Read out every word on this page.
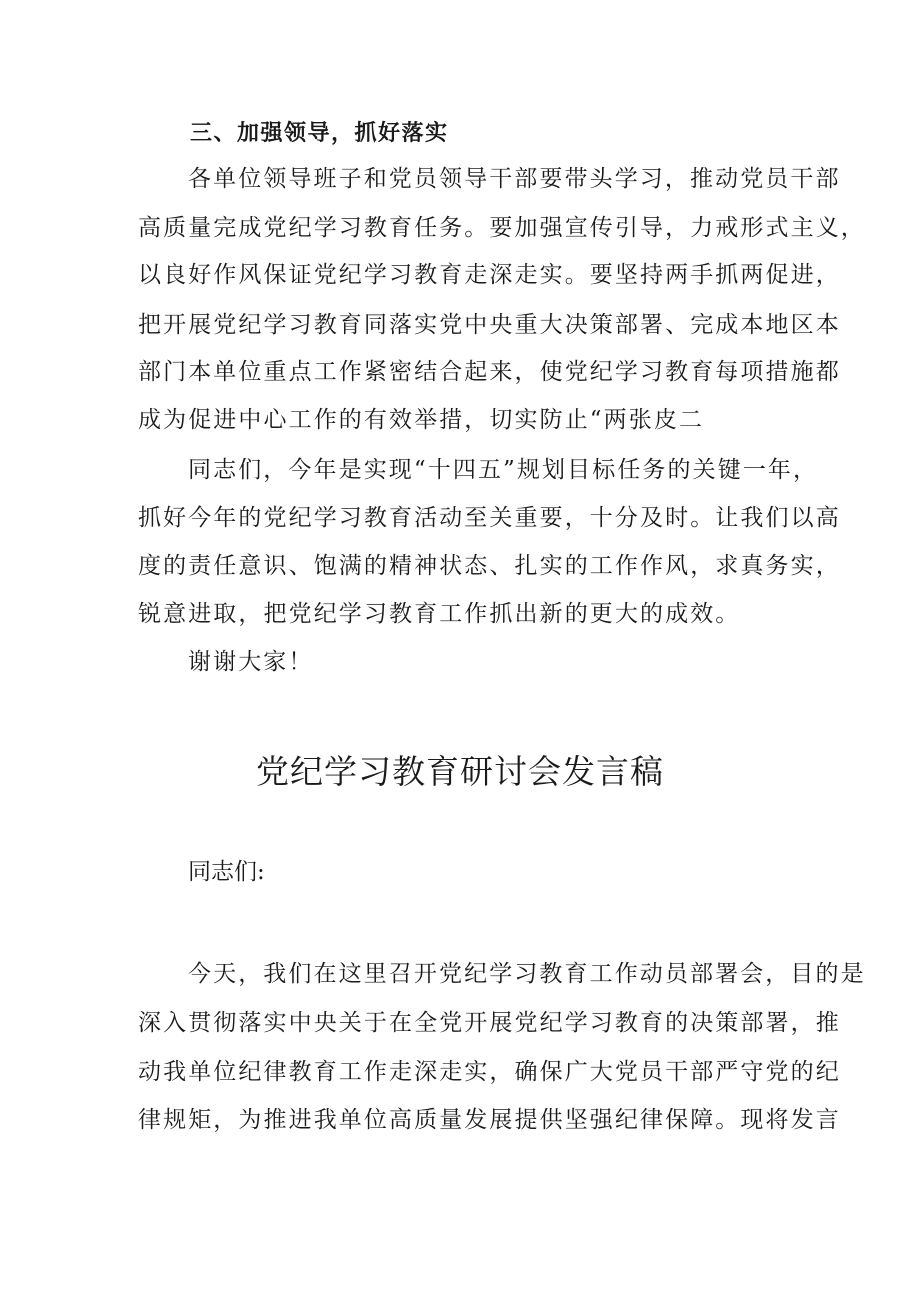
三、加强领导，抓好落实
各单位领导班子和党员领导干部要带头学习，推动党员干部
高质量完成党纪学习教育任务。要加强宣传引导，力戒形式主义，
以良好作风保证党纪学习教育走深走实。要坚持两手抓两促进，
把开展党纪学习教育同落实党中央重大决策部署、完成本地区本
部门本单位重点工作紧密结合起来，使党纪学习教育每项措施都
成为促进中心工作的有效举措，切实防止“两张皮二
同志们，今年是实现“十四五”规划目标任务的关键一年，
抓好今年的党纪学习教育活动至关重要，十分及时。让我们以高
度的责任意识、饱满的精神状态、扎实的工作作风，求真务实，
锐意进取，把党纪学习教育工作抓出新的更大的成效。
谢谢大家！
党纪学习教育研讨会发言稿
同志们:
今天，我们在这里召开党纪学习教育工作动员部署会，目的是
深入贯彻落实中央关于在全党开展党纪学习教育的决策部署，推
动我单位纪律教育工作走深走实，确保广大党员干部严守党的纪
律规矩，为推进我单位高质量发展提供坚强纪律保障。现将发言
